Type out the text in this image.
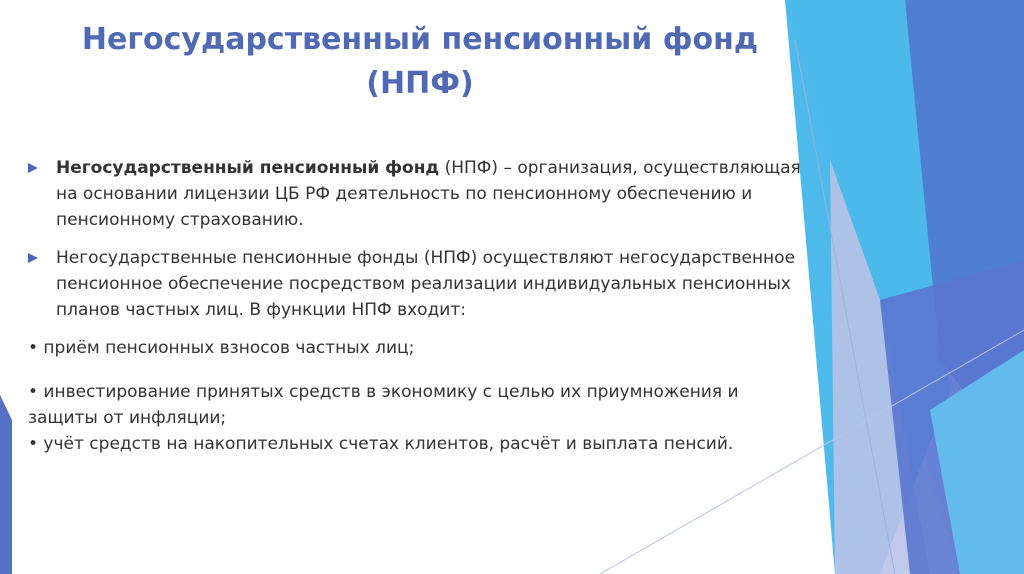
Негосударственный пенсионный фонд
(НПФ)
Негосударственный пенсионный фонд (НПФ) – организация, осуществляющая на основании лицензии ЦБ РФ деятельность по пенсионному обеспечению и пенсионному страхованию.
Негосударственные пенсионные фонды (НПФ) осуществляют негосударственное пенсионное обеспечение посредством реализации индивидуальных пенсионных планов частных лиц. В функции НПФ входит:

• приём пенсионных взносов частных лиц;

• инвестирование принятых средств в экономику с целью их приумножения и защиты от инфляции;

• учёт средств на накопительных счетах клиентов, расчёт и выплата пенсий.
